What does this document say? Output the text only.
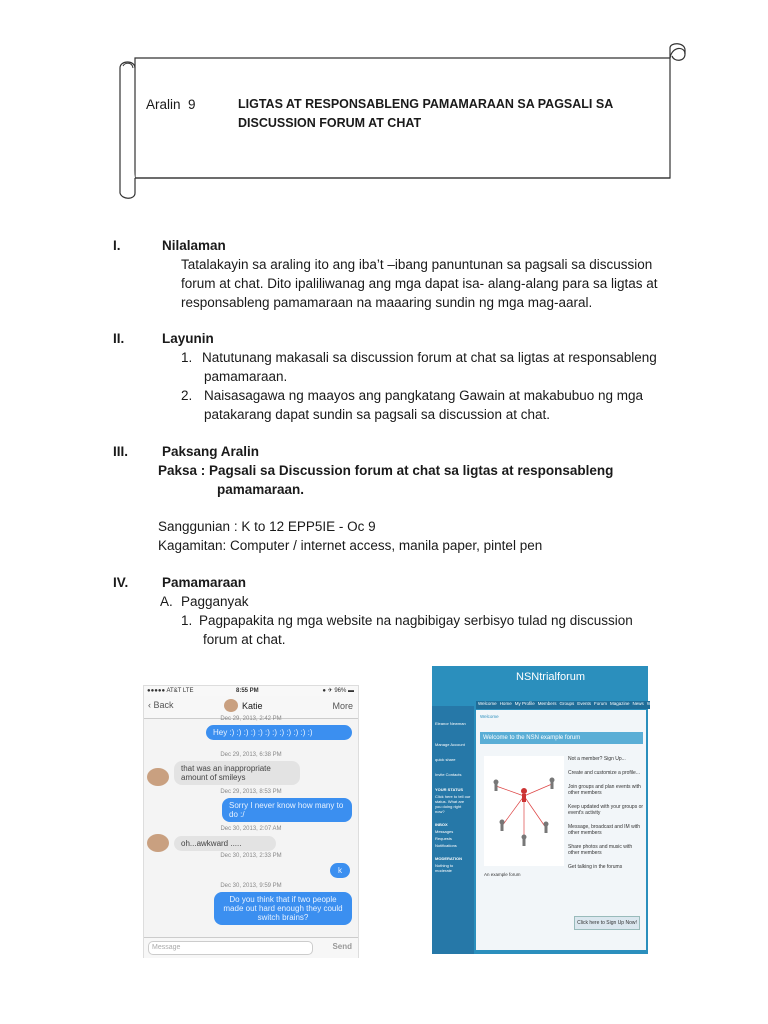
Aralin 9	LIGTAS AT RESPONSABLENG PAMAMARAAN SA PAGSALI SA
DISCUSSION FORUM AT CHAT
I.	Nilalaman
Tatalakayin sa araling ito ang iba’t –ibang panuntunan sa pagsali sa discussion
forum at chat. Dito ipaliliwanag ang mga dapat isa- alang-alang para sa ligtas at
responsableng pamamaraan na maaaring sundin ng mga mag-aaral.
II.	Layunin
1. Natutunang makasali sa discussion forum at chat sa ligtas at responsableng
pamamaraan.
2. Naisasagawa ng maayos ang pangkatang Gawain at makabubuo ng mga
patakarang dapat sundin sa pagsali sa discussion at chat.
III.	Paksang Aralin
Paksa : Pagsali sa Discussion forum at chat sa ligtas at responsableng
pamamaraan.
Sanggunian : K to 12 EPP5IE - Oc 9
Kagamitan: Computer / internet access, manila paper, pintel pen
IV. Pamamaraan
A. Pagganyak
1. Pagpapakita ng mga website na nagbibigay serbisyo tulad ng discussion
forum at chat.
●●●●● AT&T LTE	8:55 PM	● ✈ 96% ▬
‹ Back	Katie	More
Dec 29, 2013, 2:42 PM
Hey :) :) :) :) :) :) :) :) :) :) :) :)
Dec 29, 2013, 6:38 PM
that was an inappropriate amount of smileys
Dec 29, 2013, 8:53 PM
Sorry I never know how many to do :/
Dec 30, 2013, 2:07 AM
oh...awkward .....
Dec 30, 2013, 2:33 PM
k
Dec 30, 2013, 9:59 PM
Do you think that if two people made out hard enough they could switch brains?
Message	Send
NSNtrialforum
Welcome Home My Profile Members Groups Events Forum Magazine News Wishes
Eleanor Newman
Manage Account
quick share
Invite Contacts
YOUR STATUS
Click here to tell our status. What are you doing right now?
INBOX
Messages
Requests
Notifications
MODERATION
Nothing to moderate
Welcome
Welcome to the NSN example forum
An example forum
Not a member? Sign Up...
Create and customize a profile...
Join groups and plan events with other members
Keep updated with your groups or event's activity
Message, broadcast and IM with other members
Share photos and music with other members
Get talking in the forums
Click here to Sign Up Now!
